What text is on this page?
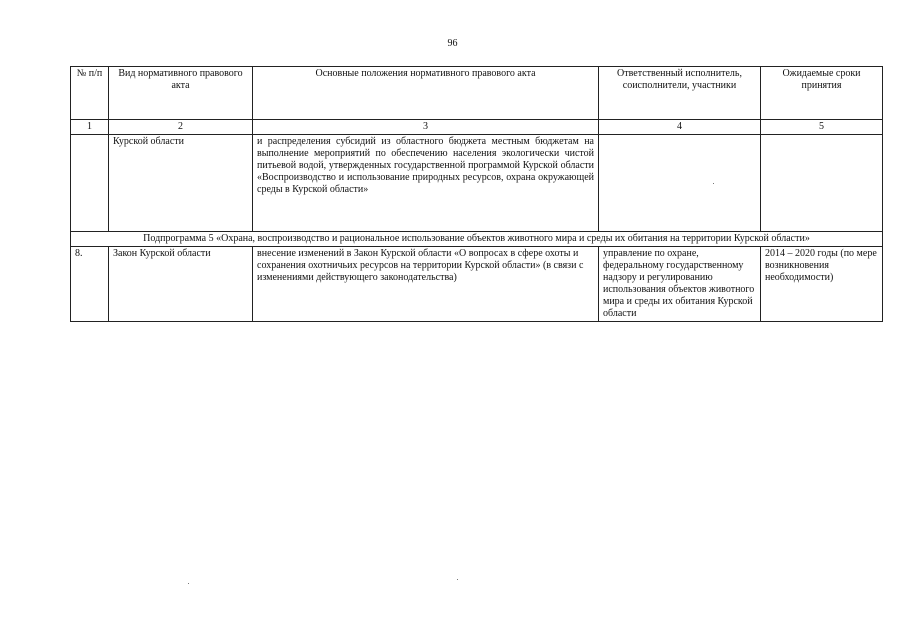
96
№ п/п	Вид нормативного правового акта	Основные положения нормативного правового акта	Ответственный исполнитель, соисполнители, участники	Ожидаемые сроки принятия
1	2	3	4	5
	Курской области	и распределения субсидий из областного бюджета местным бюджетам на выполнение мероприятий по обеспечению населения экологически чистой питьевой водой, утвержденных государственной программой Курской области «Воспроизводство и использование природных ресурсов, охрана окружающей среды в Курской области»		
Подпрограмма 5 «Охрана, воспроизводство и рациональное использование объектов животного мира и среды их обитания на территории Курской области»				
8.	Закон Курской области	внесение изменений в Закон Курской области «О вопросах в сфере охоты и сохранения охотничьих ресурсов на территории Курской области» (в связи с изменениями действующего законодательства)	управление по охране, федеральному государственному надзору и регулированию использования объектов животного мира и среды их обитания Курской области	2014 – 2020 годы (по мере возникновения необходимости)
